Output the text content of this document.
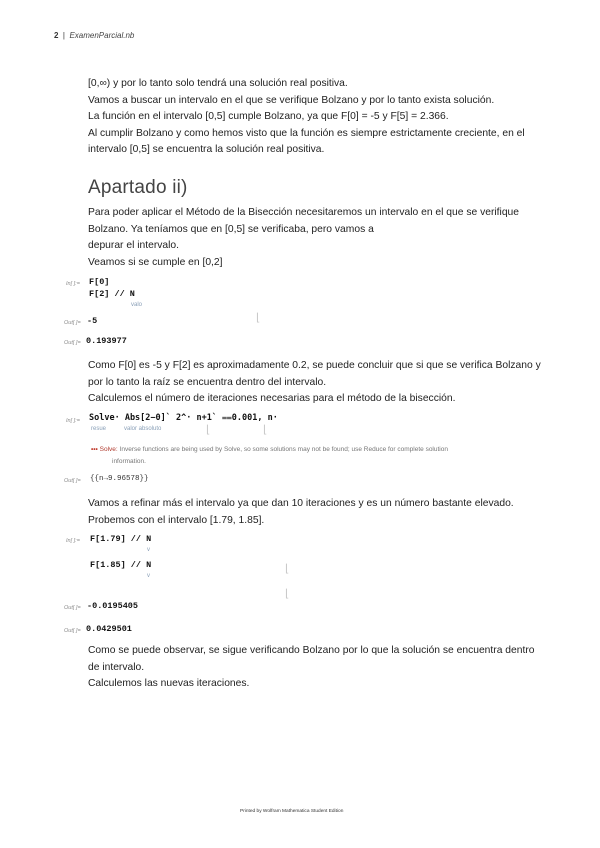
2 | ExamenParcial.nb
[0,∞) y por lo tanto solo tendrá una solución real positiva.
Vamos a buscar un intervalo en el que se verifique Bolzano y por lo tanto exista solución.
La función en el intervalo [0,5] cumple Bolzano, ya que F[0] = -5 y F[5] = 2.366.
Al cumplir Bolzano y como hemos visto que la función es siempre estrictamente creciente, en el
intervalo [0,5] se encuentra la solución real positiva.
Apartado ii)
Para poder aplicar el Método de la Bisección necesitaremos un intervalo en el que se verifique
Bolzano. Ya teníamos que en [0,5] se verificaba, pero vamos a
depurar el intervalo.
Veamos si se cumple en [0,2]
In[ ]:= F[0]
F[2] // N
valo
⌊
Out[ ]= -5
Out[ ]= 0.193977
Como F[0] es -5 y F[2] es aproximadamente 0.2, se puede concluir que si que se verifica Bolzano y
por lo tanto la raíz se encuentra dentro del intervalo.
Calculemos el número de iteraciones necesarias para el método de la bisección.
In[ ]:= Solve· Abs[2−0]` 2^· n+1` ⩵0.001, n·
resue	valor absoluto	⌊	⌊
••• Solve: Inverse functions are being used by Solve, so some solutions may not be found; use Reduce for complete solution
information.
Out[ ]= {{n→9.96578}}
Vamos a refinar más el intervalo ya que dan 10 iteraciones y es un número bastante elevado.
Probemos con el intervalo [1.79, 1.85].
In[ ]:= F[1.79] // N
v
F[1.85] // N
v
⌊
⌊
Out[ ]= -0.0195405
Out[ ]= 0.0429501
Como se puede observar, se sigue verificando Bolzano por lo que la solución se encuentra dentro
de intervalo.
Calculemos las nuevas iteraciones.
Printed by Wolfram Mathematica Student Edition
